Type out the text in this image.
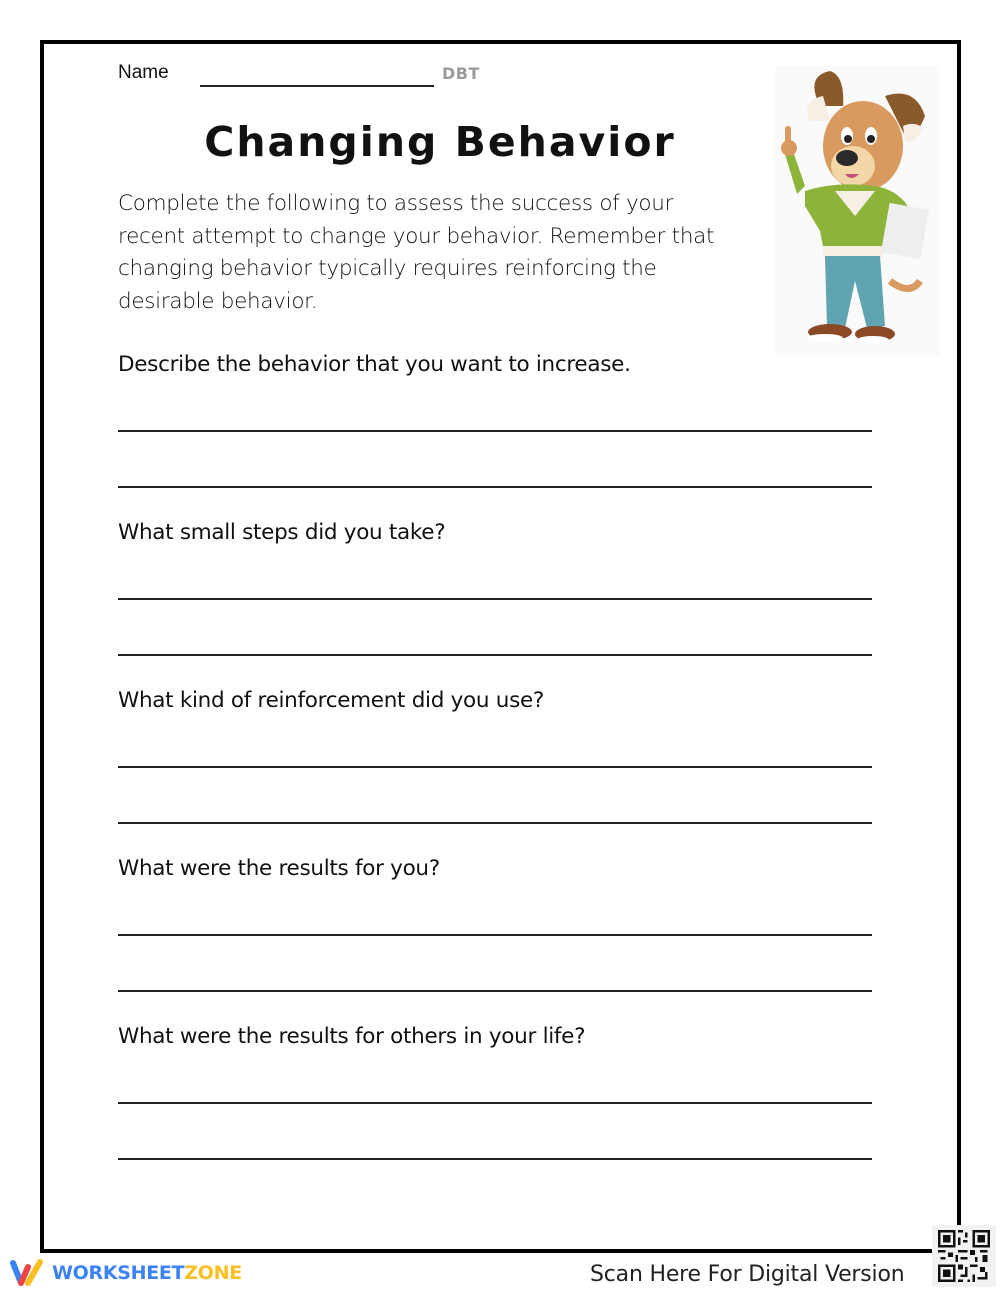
Name	DBT
Changing Behavior
Complete the following to assess the success of your
recent attempt to change your behavior. Remember that
changing behavior typically requires reinforcing the
desirable behavior.
Describe the behavior that you want to increase.
What small steps did you take?
What kind of reinforcement did you use?
What were the results for you?
What were the results for others in your life?
WORKSHEETZONE	Scan Here For Digital Version
